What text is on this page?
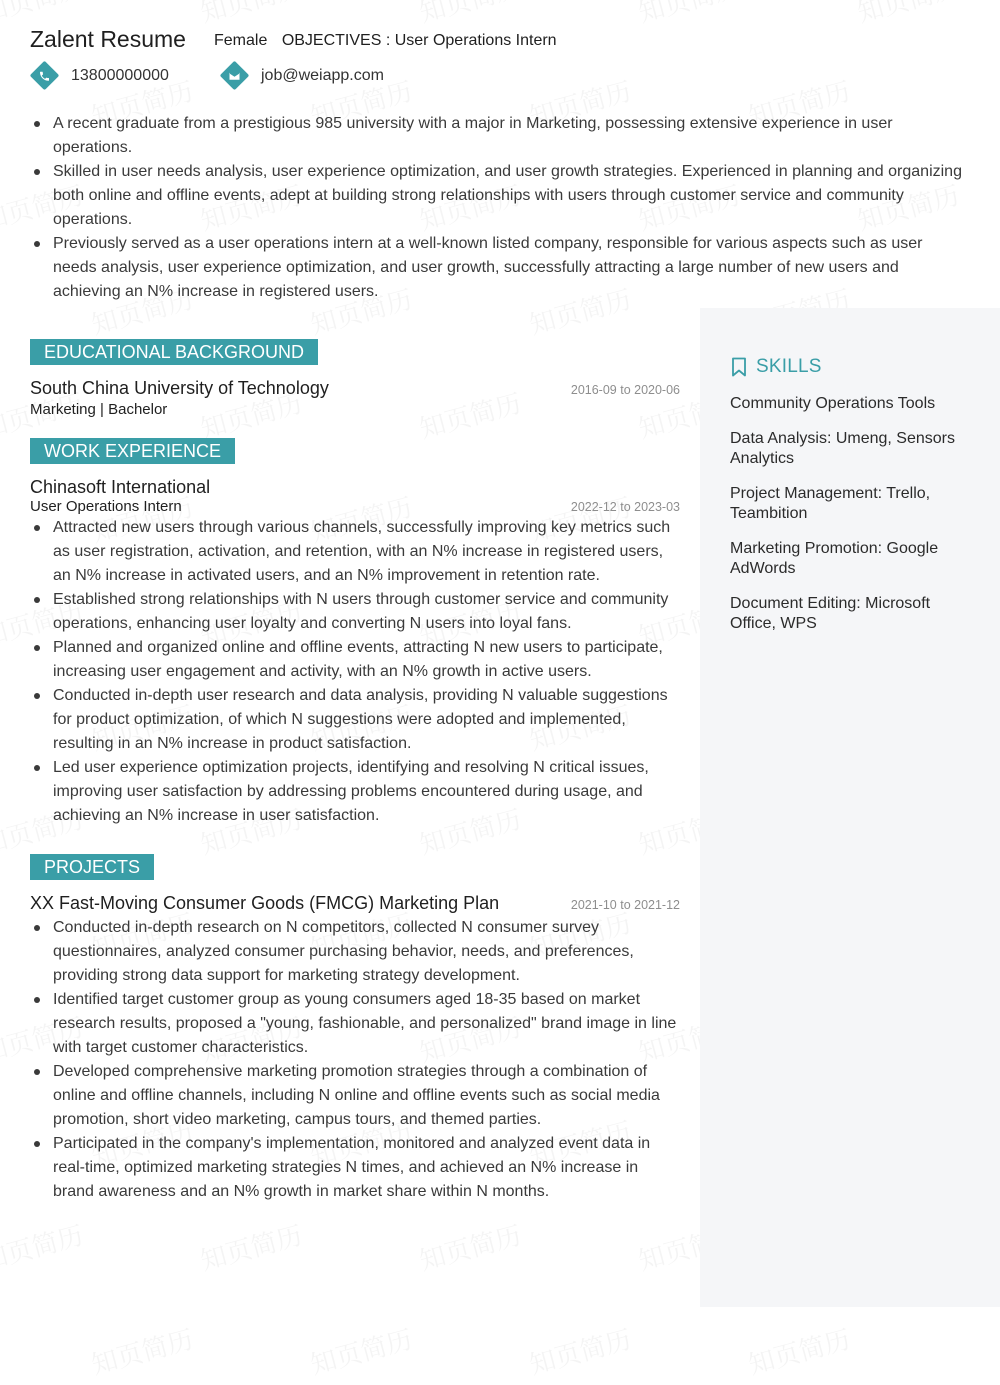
Zalent Resume Female OBJECTIVES : User Operations Intern
13800000000	job@weiapp.com
A recent graduate from a prestigious 985 university with a major in Marketing, possessing extensive experience in user operations.
Skilled in user needs analysis, user experience optimization, and user growth strategies. Experienced in planning and organizing both online and offline events, adept at building strong relationships with users through customer service and community operations.
Previously served as a user operations intern at a well-known listed company, responsible for various aspects such as user needs analysis, user experience optimization, and user growth, successfully attracting a large number of new users and achieving an N% increase in registered users.
SKILLS
Community Operations Tools
Data Analysis: Umeng, Sensors Analytics
Project Management: Trello, Teambition
Marketing Promotion: Google AdWords
Document Editing: Microsoft Office, WPS
EDUCATIONAL BACKGROUND
South China University of Technology	2016-09 to 2020-06
Marketing | Bachelor
WORK EXPERIENCE
Chinasoft International
User Operations Intern	2022-12 to 2023-03
Attracted new users through various channels, successfully improving key metrics such as user registration, activation, and retention, with an N% increase in registered users, an N% increase in activated users, and an N% improvement in retention rate.
Established strong relationships with N users through customer service and community operations, enhancing user loyalty and converting N users into loyal fans.
Planned and organized online and offline events, attracting N new users to participate, increasing user engagement and activity, with an N% growth in active users.
Conducted in-depth user research and data analysis, providing N valuable suggestions for product optimization, of which N suggestions were adopted and implemented, resulting in an N% increase in product satisfaction.
Led user experience optimization projects, identifying and resolving N critical issues, improving user satisfaction by addressing problems encountered during usage, and achieving an N% increase in user satisfaction.
PROJECTS
XX Fast-Moving Consumer Goods (FMCG) Marketing Plan	2021-10 to 2021-12
Conducted in-depth research on N competitors, collected N consumer survey questionnaires, analyzed consumer purchasing behavior, needs, and preferences, providing strong data support for marketing strategy development.
Identified target customer group as young consumers aged 18-35 based on market research results, proposed a "young, fashionable, and personalized" brand image in line with target customer characteristics.
Developed comprehensive marketing promotion strategies through a combination of online and offline channels, including N online and offline events such as social media promotion, short video marketing, campus tours, and themed parties.
Participated in the company's implementation, monitored and analyzed event data in real-time, optimized marketing strategies N times, and achieved an N% increase in brand awareness and an N% growth in market share within N months.
